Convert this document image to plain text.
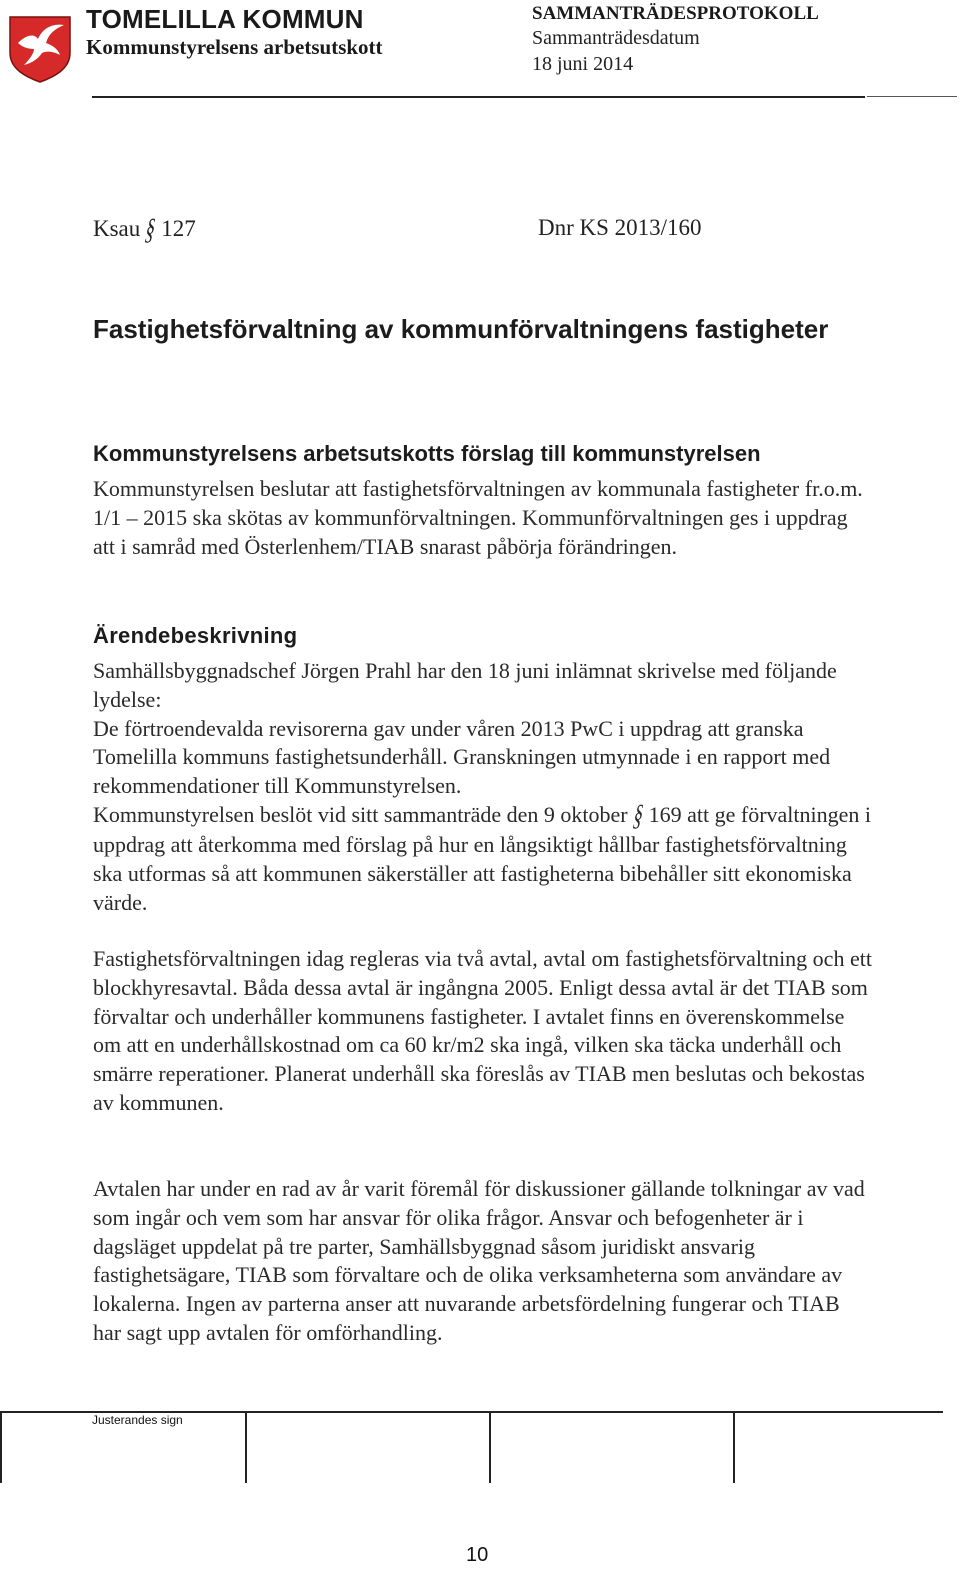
TOMELILLA KOMMUN
Kommunstyrelsens arbetsutskott
SAMMANTRÄDESPROTOKOLL
Sammanträdesdatum
18 juni 2014
Ksau§127	Dnr KS 2013/160
Fastighetsförvaltning av kommunförvaltningens fastigheter
Kommunstyrelsens arbetsutskotts förslag till kommunstyrelsen

Kommunstyrelsen beslutar att fastighetsförvaltningen av kommunala fastigheter fr.o.m. 1/1 – 2015 ska skötas av kommunförvaltningen. Kommunförvaltningen ges i uppdrag att i samråd med Österlenhem/TIAB snarast påbörja förändringen.

Ärendebeskrivning
Samhällsbyggnadschef Jörgen Prahl har den 18 juni inlämnat skrivelse med följande lydelse:
De förtroendevalda revisorerna gav under våren 2013 PwC i uppdrag att granska Tomelilla kommuns fastighetsunderhåll. Granskningen utmynnade i en rapport med rekommendationer till Kommunstyrelsen.
Kommunstyrelsen beslöt vid sitt sammanträde den 9 oktober§ 169 att ge förvaltningen i uppdrag att återkomma med förslag på hur en långsiktigt hållbar fastighetsförvaltning ska utformas så att kommunen säkerställer att fastigheterna bibehåller sitt ekonomiska värde.

Fastighetsförvaltningen idag regleras via två avtal, avtal om fastighetsförvaltning och ett blockhyresavtal. Båda dessa avtal är ingångna 2005. Enligt dessa avtal är det TIAB som förvaltar och underhåller kommunens fastigheter. I avtalet finns en överenskommelse om att en underhållskostnad om ca 60 kr/m2 ska ingå, vilken ska täcka underhåll och smärre reperationer. Planerat underhåll ska föreslås av TIAB men beslutas och bekostas av kommunen.

Avtalen har under en rad av år varit föremål för diskussioner gällande tolkningar av vad som ingår och vem som har ansvar för olika frågor. Ansvar och befogenheter är i dagsläget uppdelat på tre parter, Samhällsbyggnad såsom juridiskt ansvarig fastighetsägare, TIAB som förvaltare och de olika verksamheterna som användare av lokalerna. Ingen av parterna anser att nuvarande arbetsfördelning fungerar och TIAB har sagt upp avtalen för omförhandling.

Justerandes sign
10
